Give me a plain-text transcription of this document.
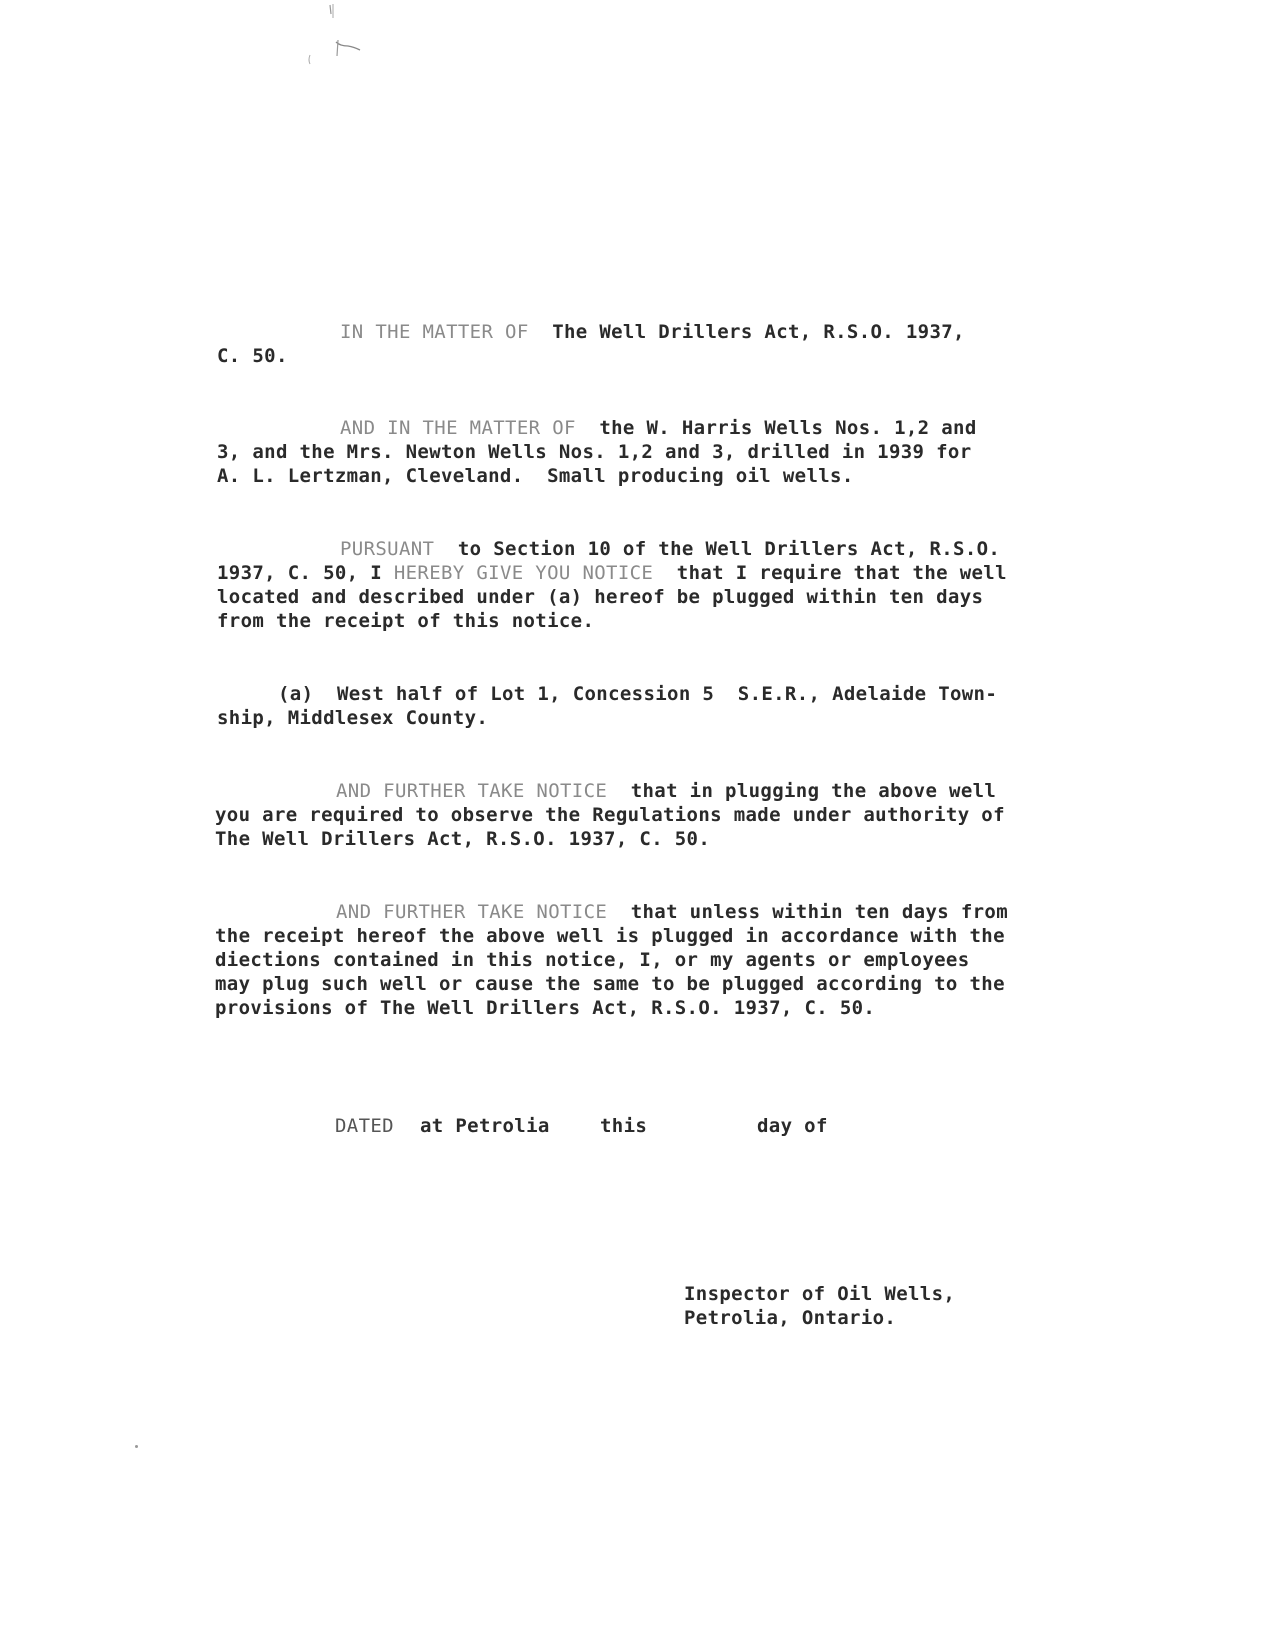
IN THE MATTER OF The Well Drillers Act, R.S.O. 1937,
C. 50.
AND IN THE MATTER OF the W. Harris Wells Nos. 1,2 and
3, and the Mrs. Newton Wells Nos. 1,2 and 3, drilled in 1939 for
A. L. Lertzman, Cleveland.  Small producing oil wells.
PURSUANT to Section 10 of the Well Drillers Act, R.S.O.
1937, C. 50, I HEREBY GIVE YOU NOTICE that I require that the well
located and described under (a) hereof be plugged within ten days
from the receipt of this notice.
(a) West half of Lot 1, Concession 5  S.E.R., Adelaide Town-
ship, Middlesex County.
AND FURTHER TAKE NOTICE that in plugging the above well
you are required to observe the Regulations made under authority of
The Well Drillers Act, R.S.O. 1937, C. 50.
AND FURTHER TAKE NOTICE that unless within ten days from
the receipt hereof the above well is plugged in accordance with the
diections contained in this notice, I, or my agents or employees
may plug such well or cause the same to be plugged according to the
provisions of The Well Drillers Act, R.S.O. 1937, C. 50.
DATED at Petrolia	this	day of
Inspector of Oil Wells,
Petrolia, Ontario.
